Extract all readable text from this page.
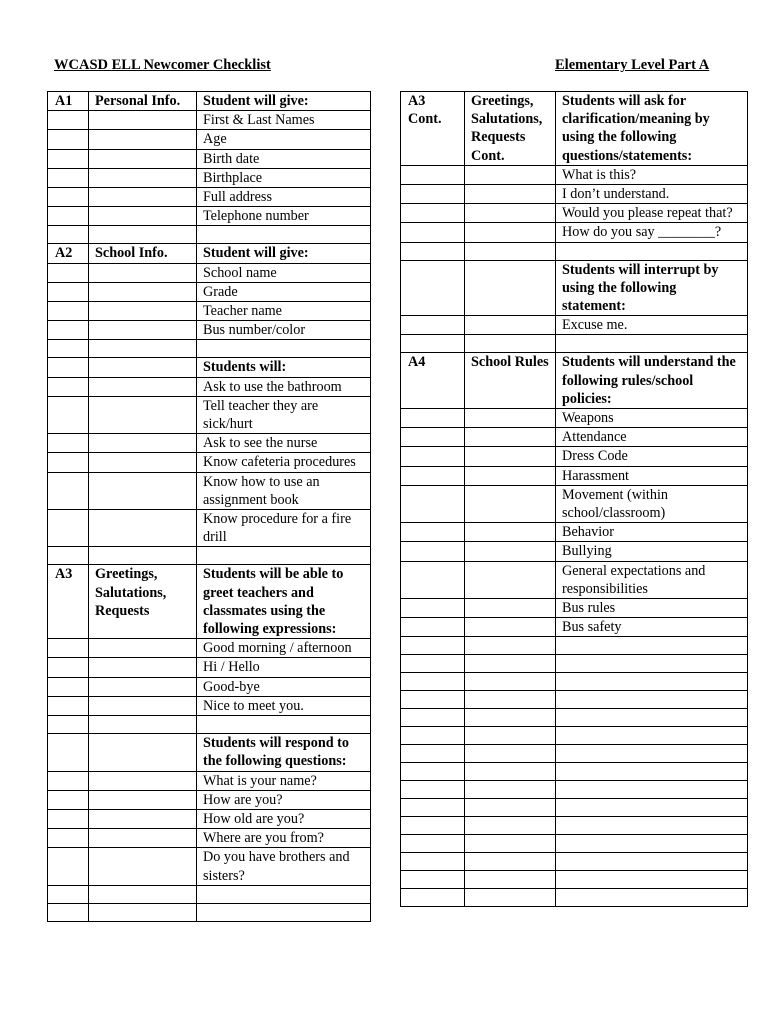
WCASD ELL Newcomer Checklist	Elementary Level Part A
A1	Personal Info.	Student will give:
		First & Last Names
		Age
		Birth date
		Birthplace
		Full address
		Telephone number

A2	School Info.	Student will give:
		School name
		Grade
		Teacher name
		Bus number/color

		Students will:
		Ask to use the bathroom
		Tell teacher they are sick/hurt
		Ask to see the nurse
		Know cafeteria procedures
		Know how to use an assignment book
		Know procedure for a fire drill

A3	Greetings, Salutations, Requests	Students will be able to greet teachers and classmates using the following expressions:
		Good morning / afternoon
		Hi / Hello
		Good-bye
		Nice to meet you.

		Students will respond to the following questions:
		What is your name?
		How are you?
		How old are you?
		Where are you from?
		Do you have brothers and sisters?

A3 Cont.	Greetings, Salutations, Requests Cont.	Students will ask for clarification/meaning by using the following questions/statements:
		What is this?
		I don’t understand.
		Would you please repeat that?
		How do you say ________?

		Students will interrupt by using the following statement:
		Excuse me.

A4	School Rules	Students will understand the following rules/school policies:
		Weapons
		Attendance
		Dress Code
		Harassment
		Movement (within school/classroom)
		Behavior
		Bullying
		General expectations and responsibilities
		Bus rules
		Bus safety
